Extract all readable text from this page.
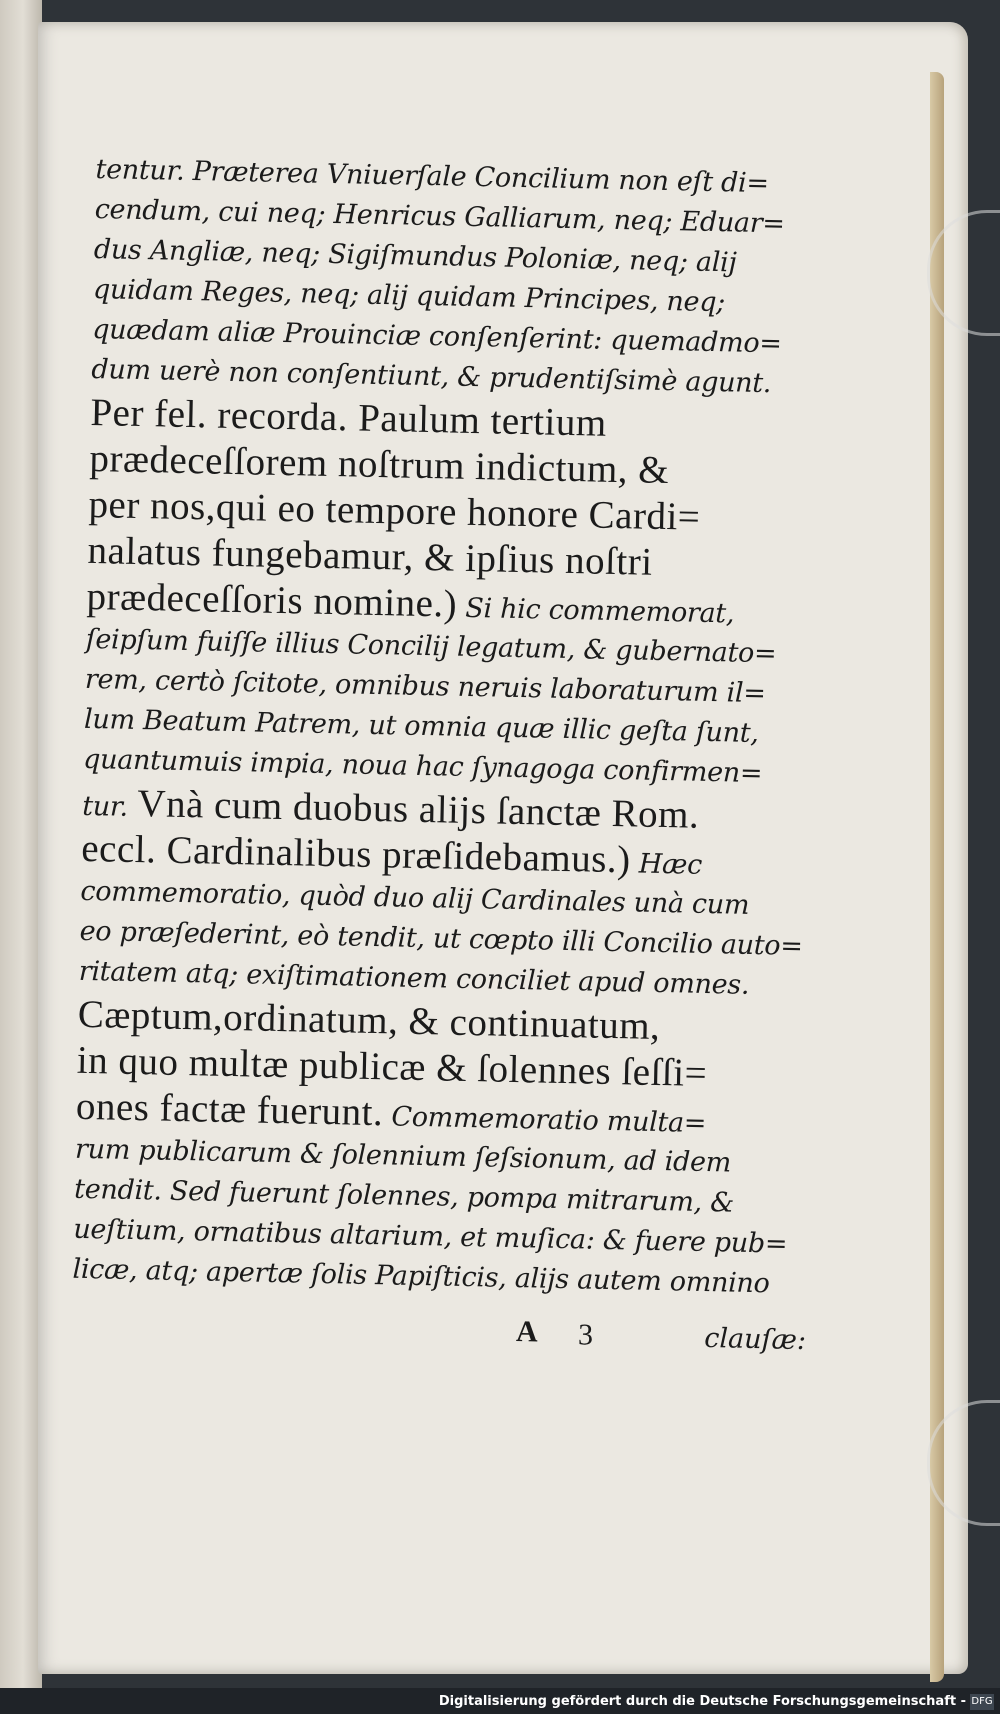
tentur. Præterea Vniuerſale Concilium non eſt di=
cendum, cui neq; Henricus Galliarum, neq; Eduar=
dus Angliæ, neq; Sigiſmundus Poloniæ, neq; alij
quidam Reges, neq; alij quidam Principes, neq;
quædam aliæ Prouinciæ conſenſerint: quemadmo=
dum uerè non conſentiunt, & prudentiſsimè agunt.
Per fel. recorda. Paulum tertium
prædeceſſorem noſtrum indictum, &
per nos,qui eo tempore honore Cardi=
nalatus fungebamur, & ipſius noſtri
prædeceſſoris nomine.) Si hic commemorat,
ſeipſum fuiſſe illius Concilij legatum, & gubernato=
rem, certò ſcitote, omnibus neruis laboraturum il=
lum Beatum Patrem, ut omnia quæ illic geſta ſunt,
quantumuis impia, noua hac ſynagoga confirmen=
tur. Vnà cum duobus alijs ſanctæ Rom.
eccl. Cardinalibus præſidebamus.) Hæc
commemoratio, quòd duo alij Cardinales unà cum
eo præſederint, eò tendit, ut cœpto illi Concilio auto=
ritatem atq; exiſtimationem conciliet apud omnes.
Cæptum,ordinatum, & continuatum,
in quo multæ publicæ & ſolennes ſeſſi=
ones factæ fuerunt. Commemoratio multa=
rum publicarum & ſolennium ſeſsionum, ad idem
tendit. Sed fuerunt ſolennes, pompa mitrarum, &
ueſtium, ornatibus altarium, et muſica: & fuere pub=
licæ, atq; apertæ ſolis Papiſticis, alijs autem omnino
A 3	clauſæ:
Digitalisierung gefördert durch die Deutsche Forschungsgemeinschaft - DFG
